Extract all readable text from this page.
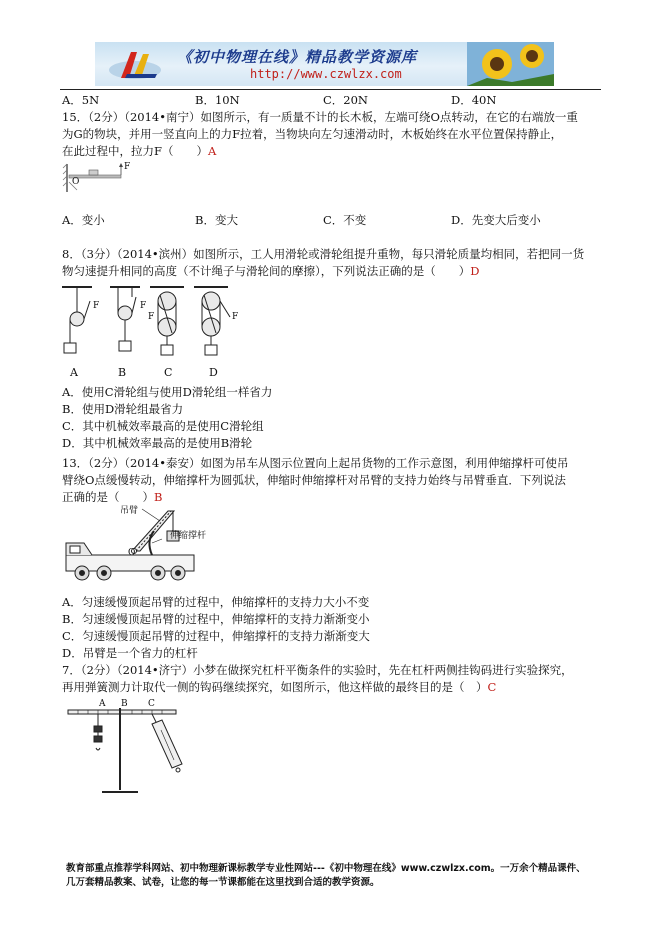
《初中物理在线》精品教学资源库
http://www.czwlzx.com
A．5N	B．10N	C．20N	D．40N
15．（2分）（2014•南宁）如图所示，有一质量不计的长木板，左端可绕O点转动，在它的右端放一重
为G的物块，并用一竖直向上的力F拉着，当物块向左匀速滑动时，木板始终在水平位置保持静止，
在此过程中，拉力F（　　）A
O
F
A．变小	B．变大	C．不变	D．先变大后变小
8．（3分）（2014•滨州）如图所示，工人用滑轮或滑轮组提升重物，每只滑轮质量均相同，若把同一货
物匀速提升相同的高度（不计绳子与滑轮间的摩擦），下列说法正确的是（　　）D
F	F
F	F
A	B	C	D
A．使用C滑轮组与使用D滑轮组一样省力
B．使用D滑轮组最省力
C．其中机械效率最高的是使用C滑轮组
D．其中机械效率最高的是使用B滑轮
13．（2分）（2014•泰安）如图为吊车从图示位置向上起吊货物的工作示意图，利用伸缩撑杆可使吊
臂绕O点缓慢转动，伸缩撑杆为圆弧状，伸缩时伸缩撑杆对吊臂的支持力始终与吊臂垂直．下列说法
正确的是（　　）B
吊臂
伸缩撑杆
O
A．匀速缓慢顶起吊臂的过程中，伸缩撑杆的支持力大小不变
B．匀速缓慢顶起吊臂的过程中，伸缩撑杆的支持力渐渐变小
C．匀速缓慢顶起吊臂的过程中，伸缩撑杆的支持力渐渐变大
D．吊臂是一个省力的杠杆
7．（2分）（2014•济宁）小梦在做探究杠杆平衡条件的实验时，先在杠杆两侧挂钩码进行实验探究，
再用弹簧测力计取代一侧的钩码继续探究，如图所示，他这样做的最终目的是（　）C
A B C
教育部重点推荐学科网站、初中物理新课标教学专业性网站---《初中物理在线》www.czwlzx.com。一万余个精品课件、
几万套精品教案、试卷，让您的每一节课都能在这里找到合适的教学资源。
